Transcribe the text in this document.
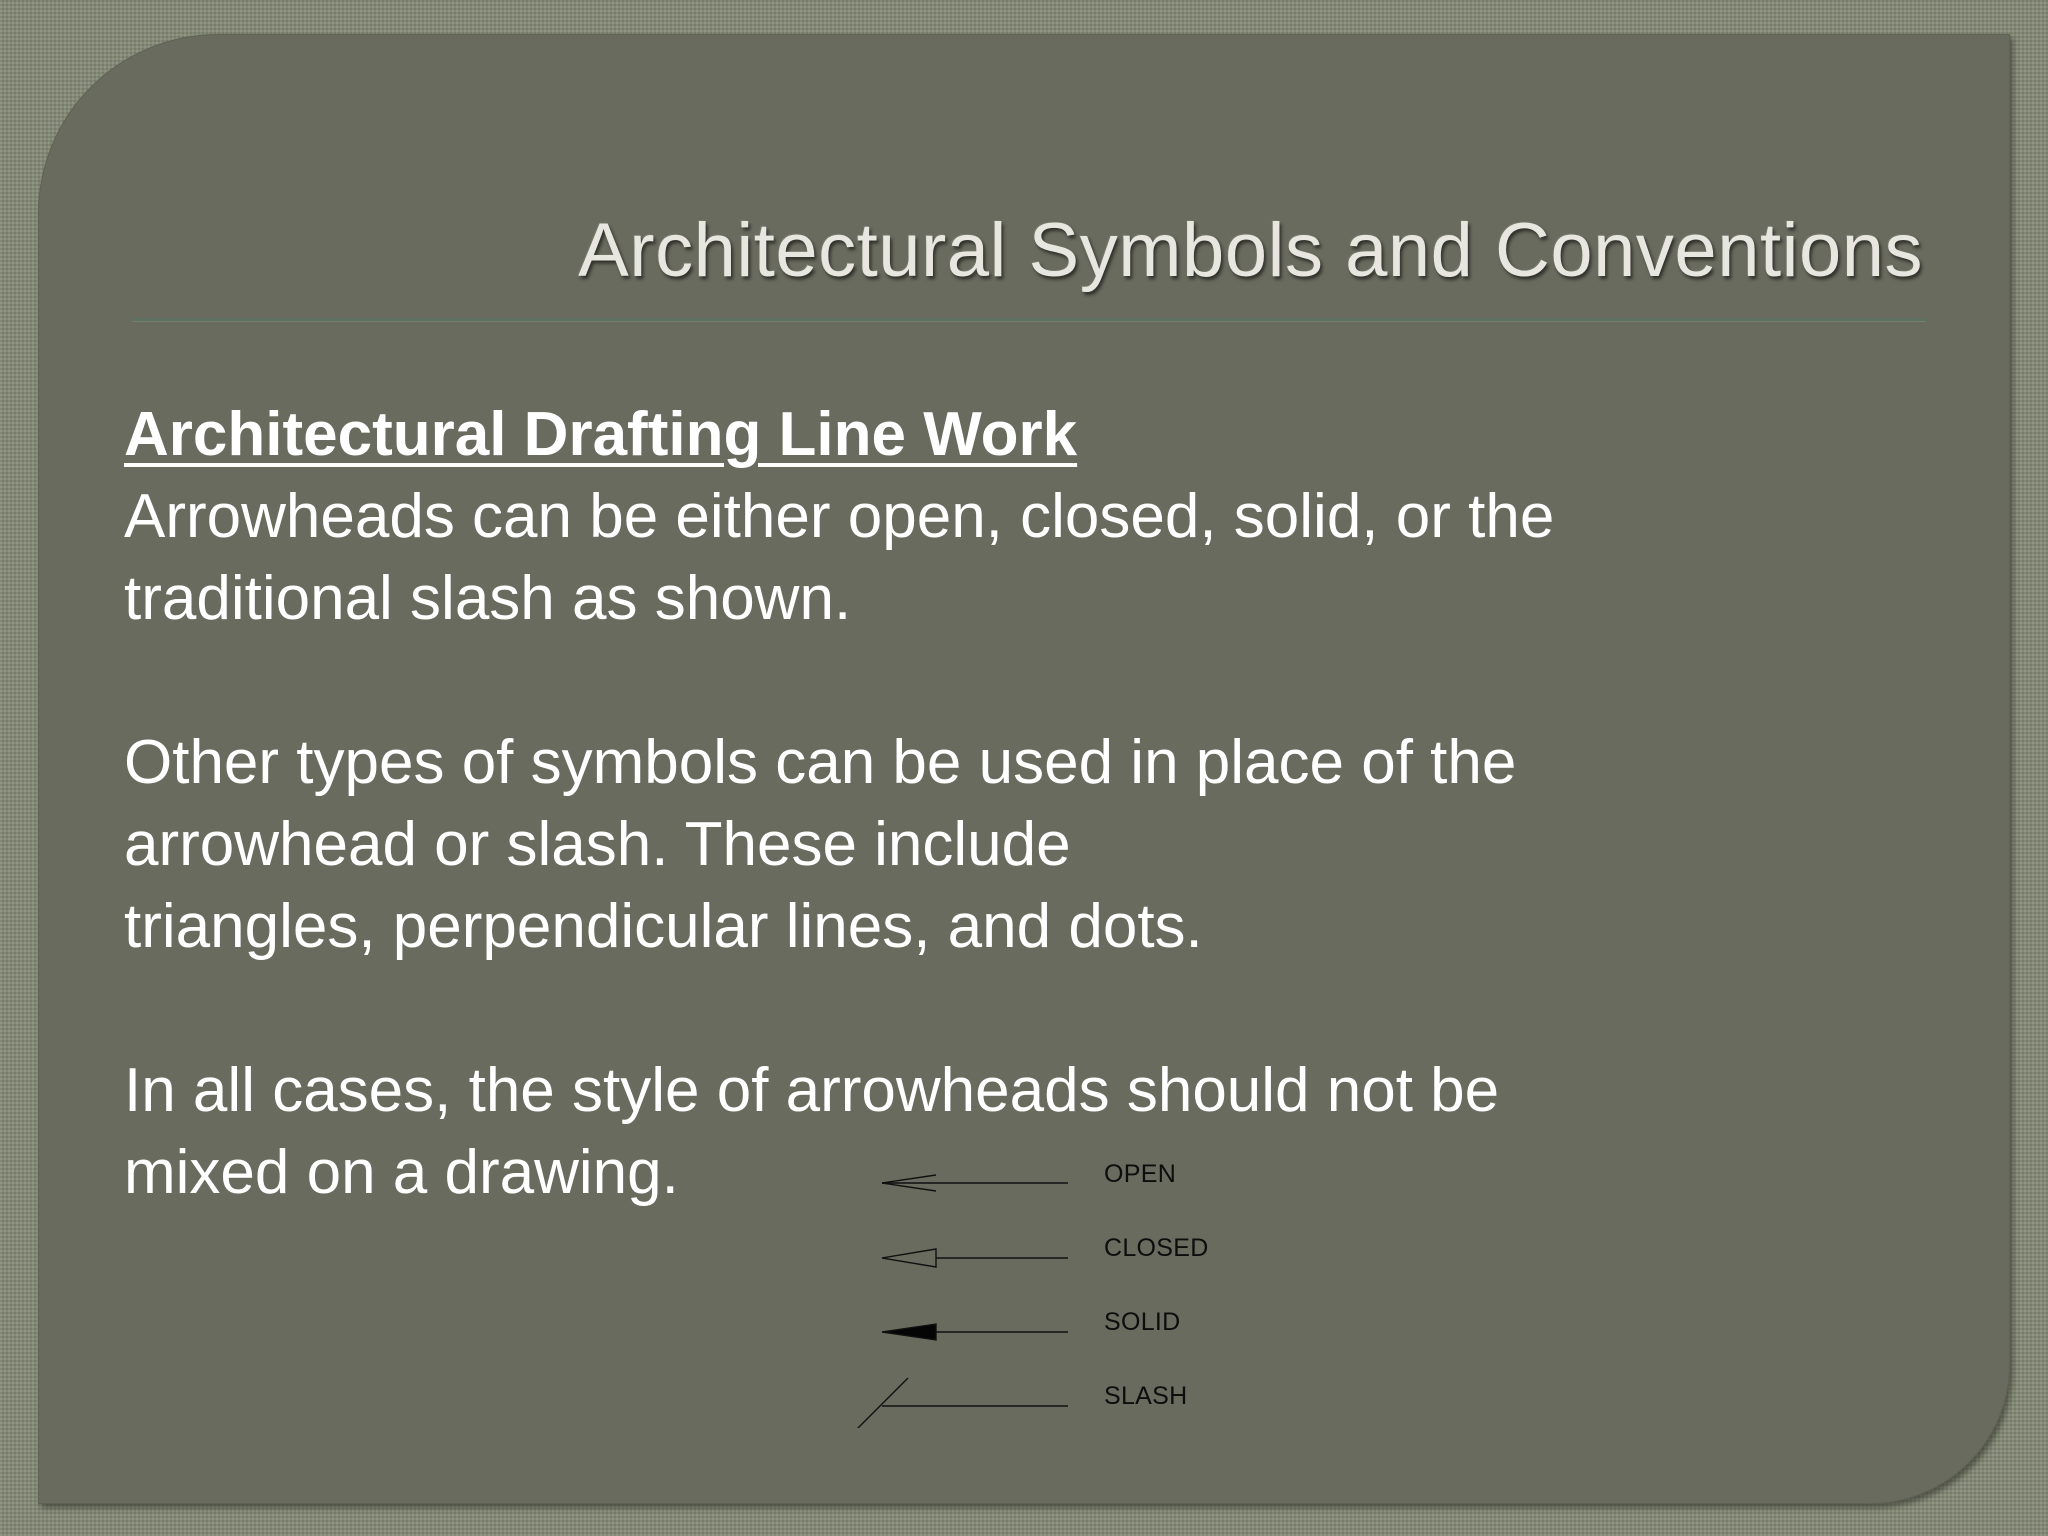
Architectural Symbols and Conventions
Architectural Drafting Line Work

Arrowheads can be either open, closed, solid, or the
traditional slash as shown.

Other types of symbols can be used in place of the
arrowhead or slash. These include
triangles, perpendicular lines, and dots.

In all cases, the style of arrowheads should not be
mixed on a drawing.	OPEN
CLOSED
SOLID
SLASH
